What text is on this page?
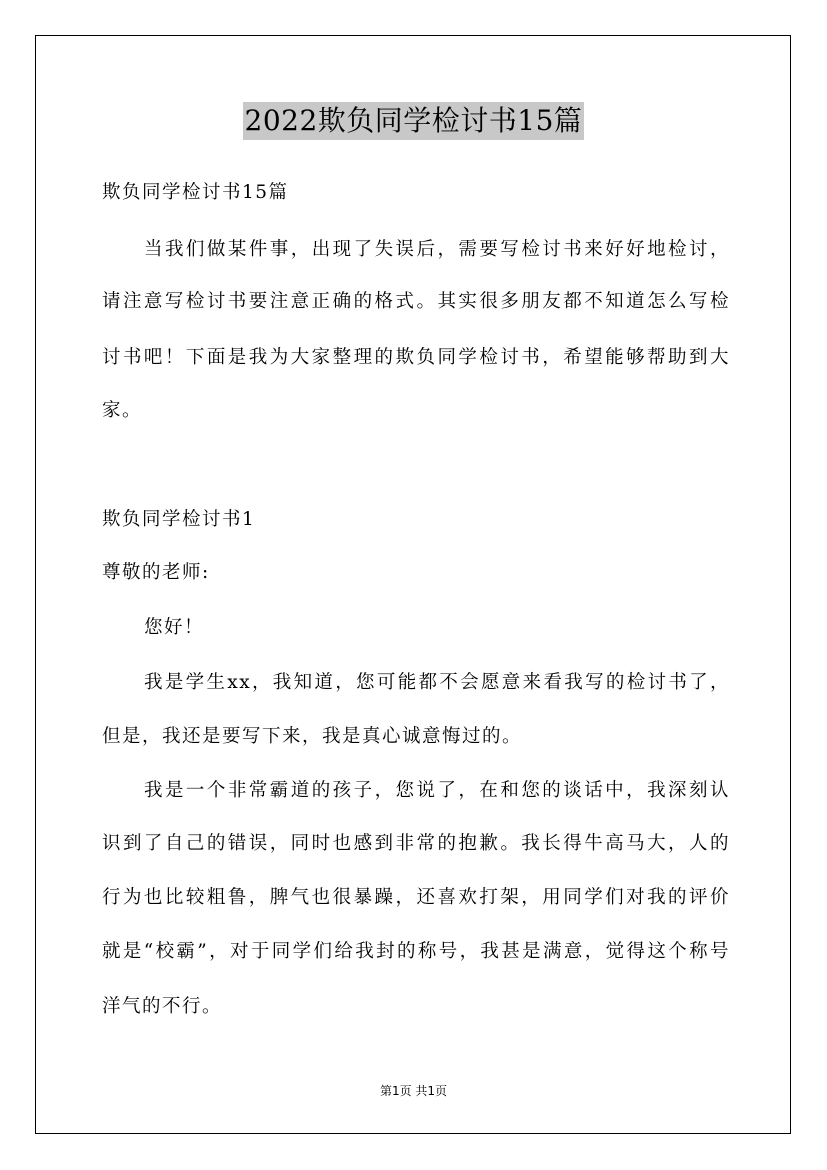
2022欺负同学检讨书15篇
欺负同学检讨书15篇
当我们做某件事，出现了失误后，需要写检讨书来好好地检讨，
请注意写检讨书要注意正确的格式。其实很多朋友都不知道怎么写检
讨书吧！下面是我为大家整理的欺负同学检讨书，希望能够帮助到大
家。
欺负同学检讨书1
尊敬的老师:
您好！
我是学生xx，我知道，您可能都不会愿意来看我写的检讨书了，
但是，我还是要写下来，我是真心诚意悔过的。
我是一个非常霸道的孩子，您说了，在和您的谈话中，我深刻认
识到了自己的错误，同时也感到非常的抱歉。我长得牛高马大，人的
行为也比较粗鲁，脾气也很暴躁，还喜欢打架，用同学们对我的评价
就是“校霸”，对于同学们给我封的称号，我甚是满意，觉得这个称号
洋气的不行。
第1页 共1页
